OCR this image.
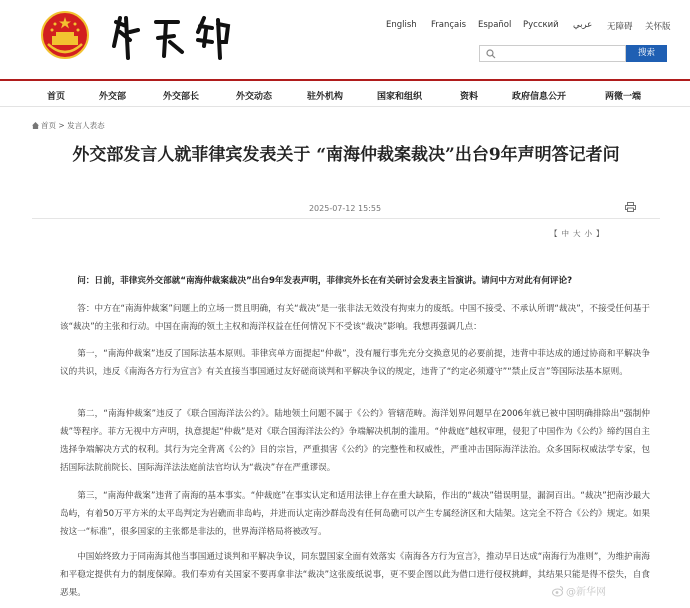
English Français Español Русский عربي 无障碍 关怀版
搜索
首页	外交部	外交部长	外交动态	驻外机构	国家和组织	资料	政府信息公开	两微一端
首页 > 发言人表态
外交部发言人就菲律宾发表关于 “南海仲裁案裁决”出台9年声明答记者问
2025-07-12 15:55
【 中 大 小 】

问：日前，菲律宾外交部就“南海仲裁案裁决”出台9年发表声明，菲律宾外长在有关研讨会发表主旨演讲。请问中方对此有何评论?

答：中方在“南海仲裁案”问题上的立场一贯且明确，有关“裁决”是一张非法无效没有拘束力的废纸。中国不接受、不承认所谓“裁决”，不接受任何基于该“裁决”的主张和行动。中国在南海的领土主权和海洋权益在任何情况下不受该“裁决”影响。我想再强调几点：

第一，“南海仲裁案”违反了国际法基本原则。菲律宾单方面提起“仲裁”，没有履行事先充分交换意见的必要前提，违背中菲达成的通过协商和平解决争议的共识，违反《南海各方行为宣言》有关直接当事国通过友好磋商谈判和平解决争议的规定，违背了“约定必须遵守”“禁止反言”等国际法基本原则。

第二，“南海仲裁案”违反了《联合国海洋法公约》。陆地领土问题不属于《公约》管辖范畴。海洋划界问题早在2006年就已被中国明确排除出“强制仲裁”等程序。菲方无视中方声明，执意提起“仲裁”是对《联合国海洋法公约》争端解决机制的滥用。“仲裁庭”越权审理，侵犯了中国作为《公约》缔约国自主选择争端解决方式的权利。其行为完全背离《公约》目的宗旨，严重损害《公约》的完整性和权威性，严重冲击国际海洋法治。众多国际权威法学专家，包括国际法院前院长、国际海洋法法庭前法官均认为“裁决”存在严重谬误。

第三，“南海仲裁案”违背了南海的基本事实。“仲裁庭”在事实认定和适用法律上存在重大缺陷，作出的“裁决”错误明显，漏洞百出。“裁决”把南沙最大岛屿，有着50万平方米的太平岛判定为岩礁而非岛屿，并进而认定南沙群岛没有任何岛礁可以产生专属经济区和大陆架。这完全不符合《公约》规定。如果按这一“标准”，很多国家的主张都是非法的，世界海洋格局将被改写。

中国始终致力于同南海其他当事国通过谈判和平解决争议，同东盟国家全面有效落实《南海各方行为宣言》，推动早日达成“南海行为准则”，为维护南海和平稳定提供有力的制度保障。我们奉劝有关国家不要再拿非法“裁决”这张废纸说事，更不要企图以此为借口进行侵权挑衅，其结果只能是得不偿失，自食恶果。	@新华网
